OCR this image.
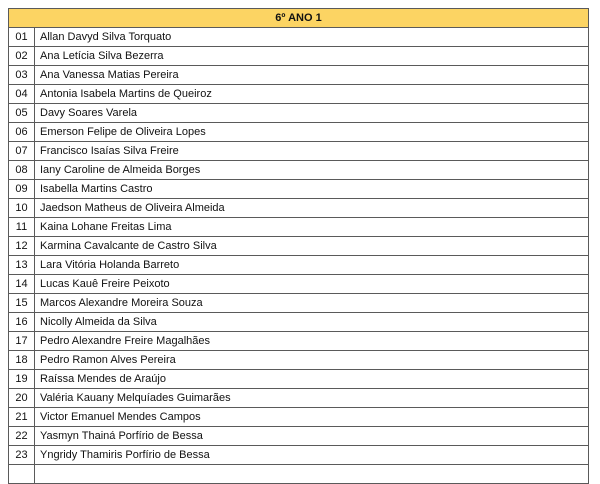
6º ANO 1	
01	Allan Davyd Silva Torquato
02	Ana Letícia Silva Bezerra
03	Ana Vanessa Matias Pereira
04	Antonia Isabela Martins de Queiroz
05	Davy Soares Varela
06	Emerson Felipe de Oliveira Lopes
07	Francisco Isaías Silva Freire
08	Iany Caroline de Almeida Borges
09	Isabella Martins Castro
10	Jaedson Matheus de Oliveira Almeida
11	Kaina Lohane Freitas Lima
12	Karmina Cavalcante de Castro Silva
13	Lara Vitória Holanda Barreto
14	Lucas Kauê Freire Peixoto
15	Marcos Alexandre Moreira Souza
16	Nicolly Almeida da Silva
17	Pedro Alexandre Freire Magalhães
18	Pedro Ramon Alves Pereira
19	Raíssa Mendes de Araújo
20	Valéria Kauany Melquíades Guimarães
21	Victor Emanuel Mendes Campos
22	Yasmyn Thainá Porfírio de Bessa
23	Yngridy Thamiris Porfírio de Bessa
